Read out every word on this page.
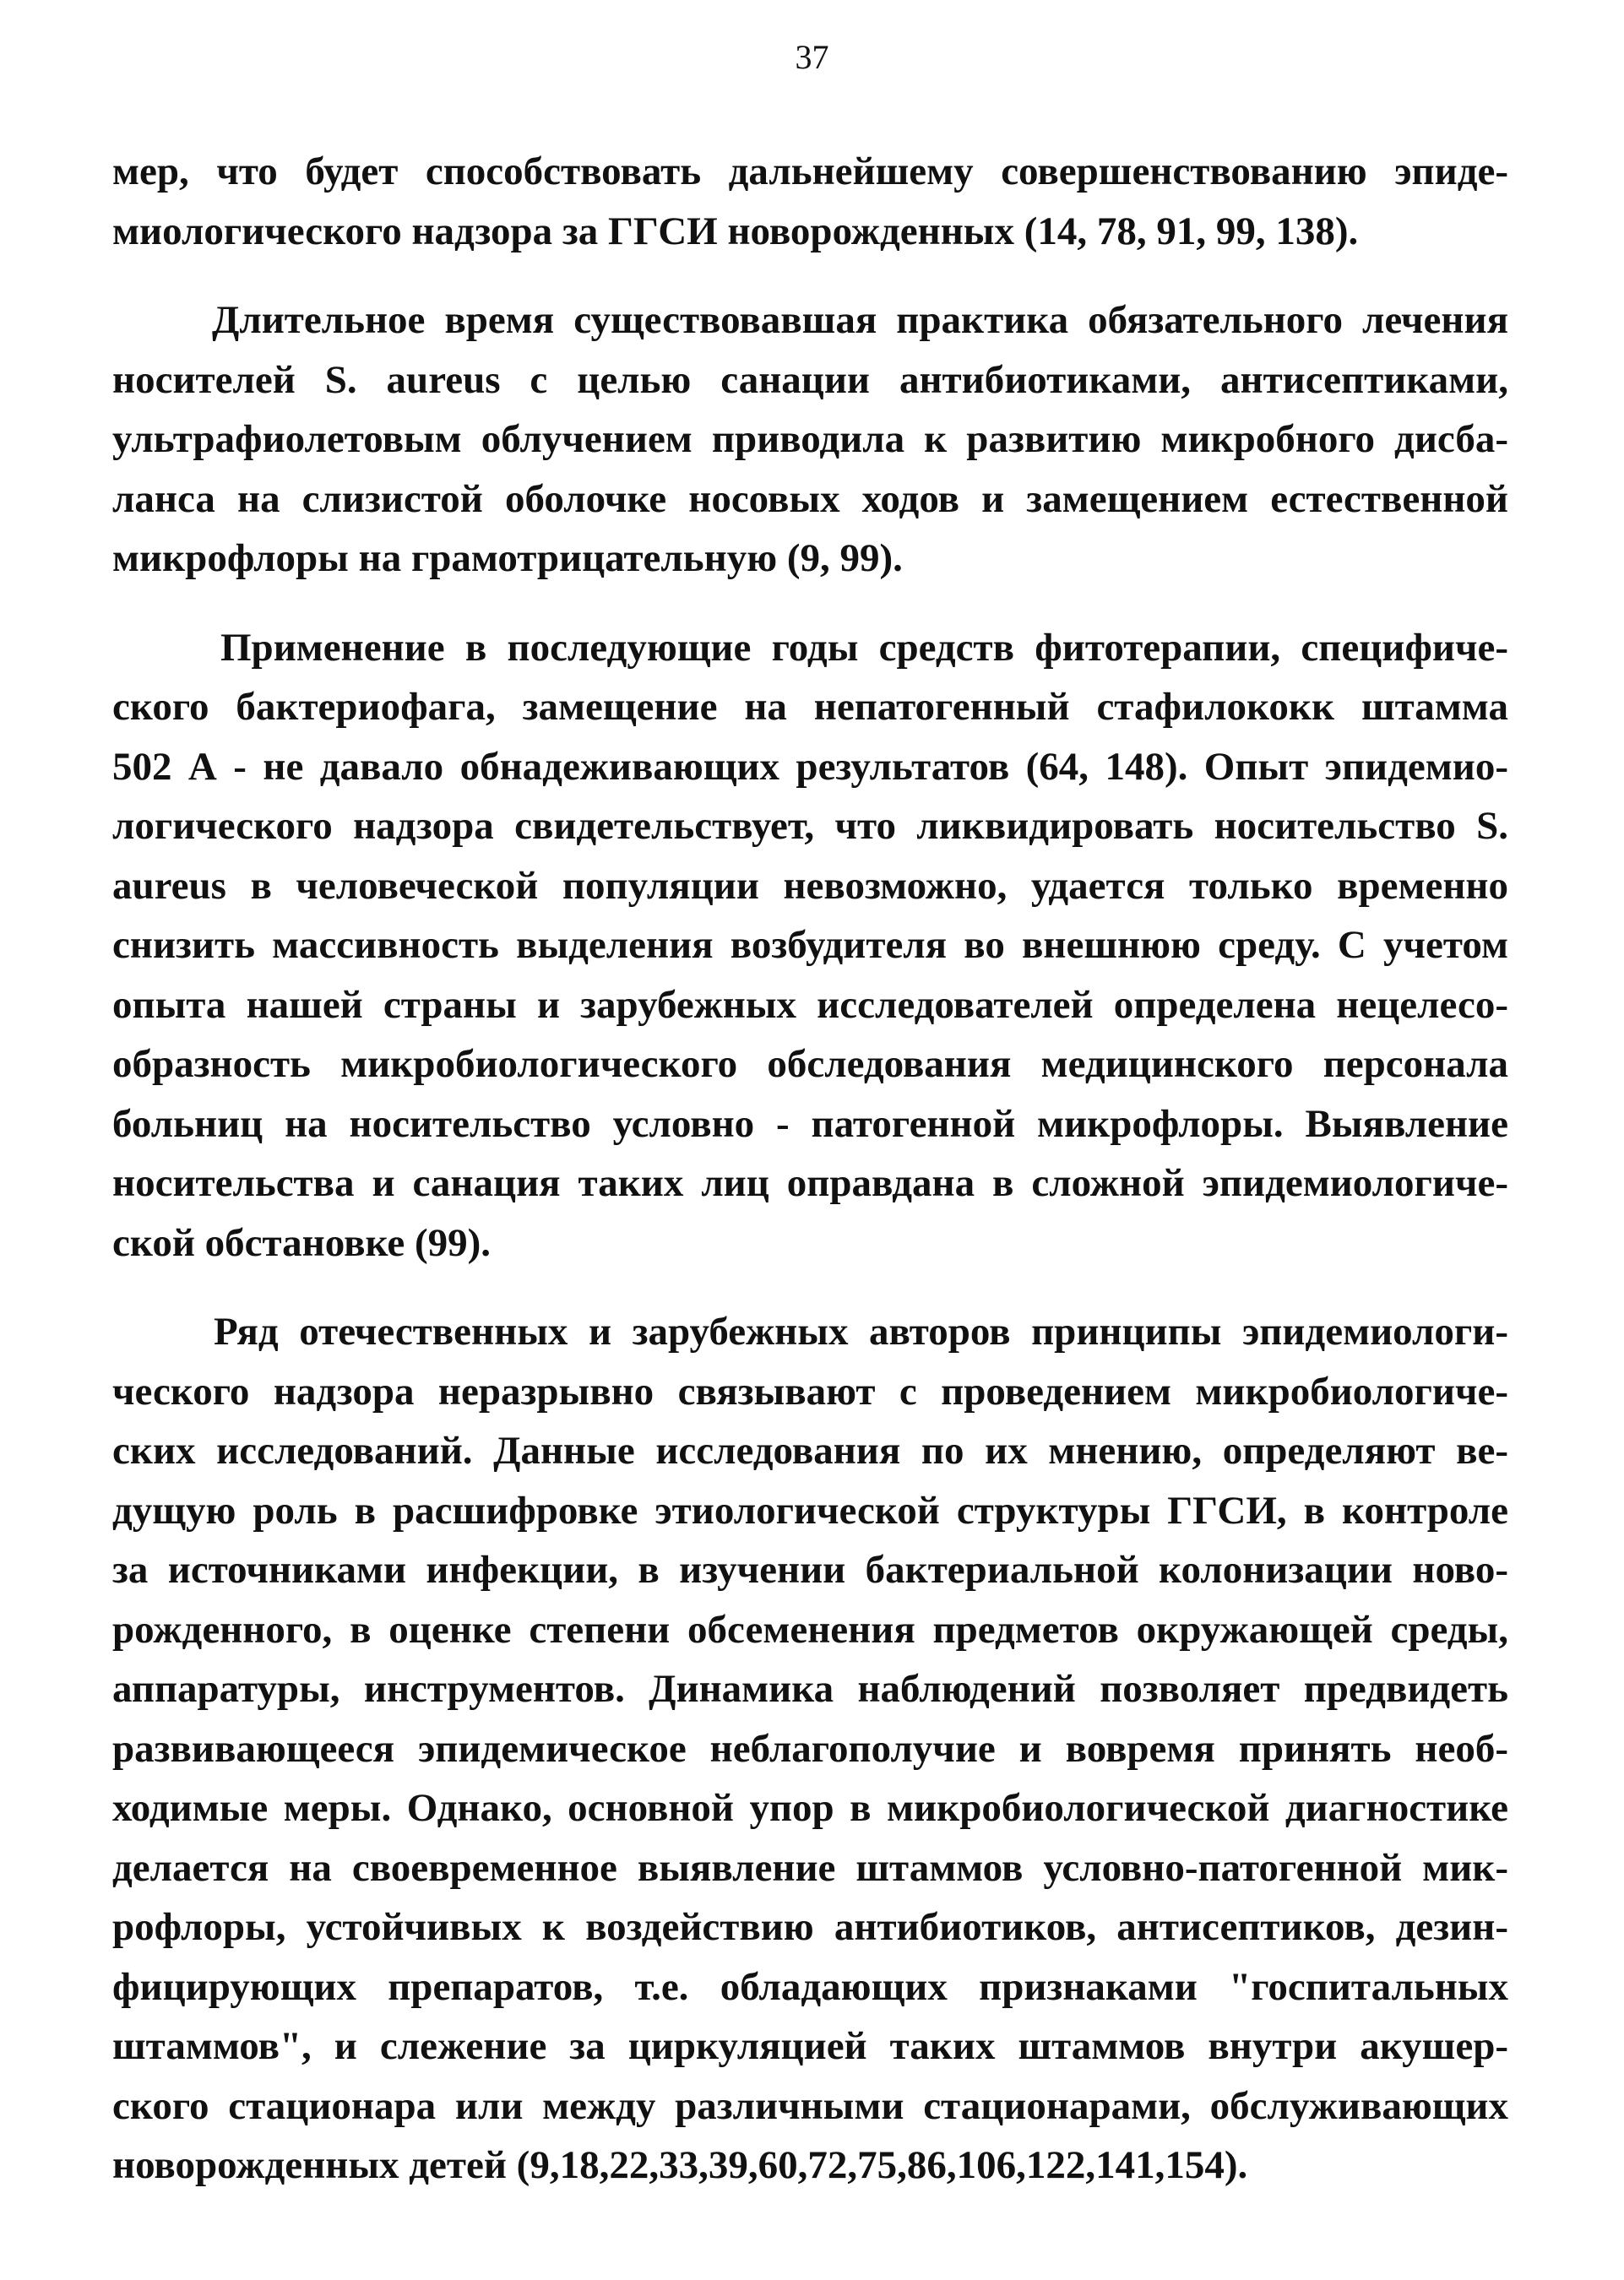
37
мер, что будет способствовать дальнейшему совершенствованию эпиде-
миологического надзора за ГГСИ новорожденных (14, 78, 91, 99, 138).
Длительное время существовавшая практика обязательного лечения
носителей S. aureus с целью санации антибиотиками, антисептиками,
ультрафиолетовым облучением приводила к развитию микробного дисба-
ланса на слизистой оболочке носовых ходов и замещением естественной
микрофлоры на грамотрицательную (9, 99).
Применение в последующие годы средств фитотерапии, специфиче-
ского бактериофага, замещение на непатогенный стафилококк штамма
502 А - не давало обнадеживающих результатов (64, 148). Опыт эпидемио-
логического надзора свидетельствует, что ликвидировать носительство S.
aureus в человеческой популяции невозможно, удается только временно
снизить массивность выделения возбудителя во внешнюю среду. С учетом
опыта нашей страны и зарубежных исследователей определена нецелесо-
образность микробиологического обследования медицинского персонала
больниц на носительство условно - патогенной микрофлоры. Выявление
носительства и санация таких лиц оправдана в сложной эпидемиологиче-
ской обстановке (99).
Ряд отечественных и зарубежных авторов принципы эпидемиологи-
ческого надзора неразрывно связывают с проведением микробиологиче-
ских исследований. Данные исследования по их мнению, определяют ве-
дущую роль в расшифровке этиологической структуры ГГСИ, в контроле
за источниками инфекции, в изучении бактериальной колонизации ново-
рожденного, в оценке степени обсеменения предметов окружающей среды,
аппаратуры, инструментов. Динамика наблюдений позволяет предвидеть
развивающееся эпидемическое неблагополучие и вовремя принять необ-
ходимые меры. Однако, основной упор в микробиологической диагностике
делается на своевременное выявление штаммов условно-патогенной мик-
рофлоры, устойчивых к воздействию антибиотиков, антисептиков, дезин-
фицирующих препаратов, т.е. обладающих признаками "госпитальных
штаммов", и слежение за циркуляцией таких штаммов внутри акушер-
ского стационара или между различными стационарами, обслуживающих
новорожденных детей (9,18,22,33,39,60,72,75,86,106,122,141,154).
